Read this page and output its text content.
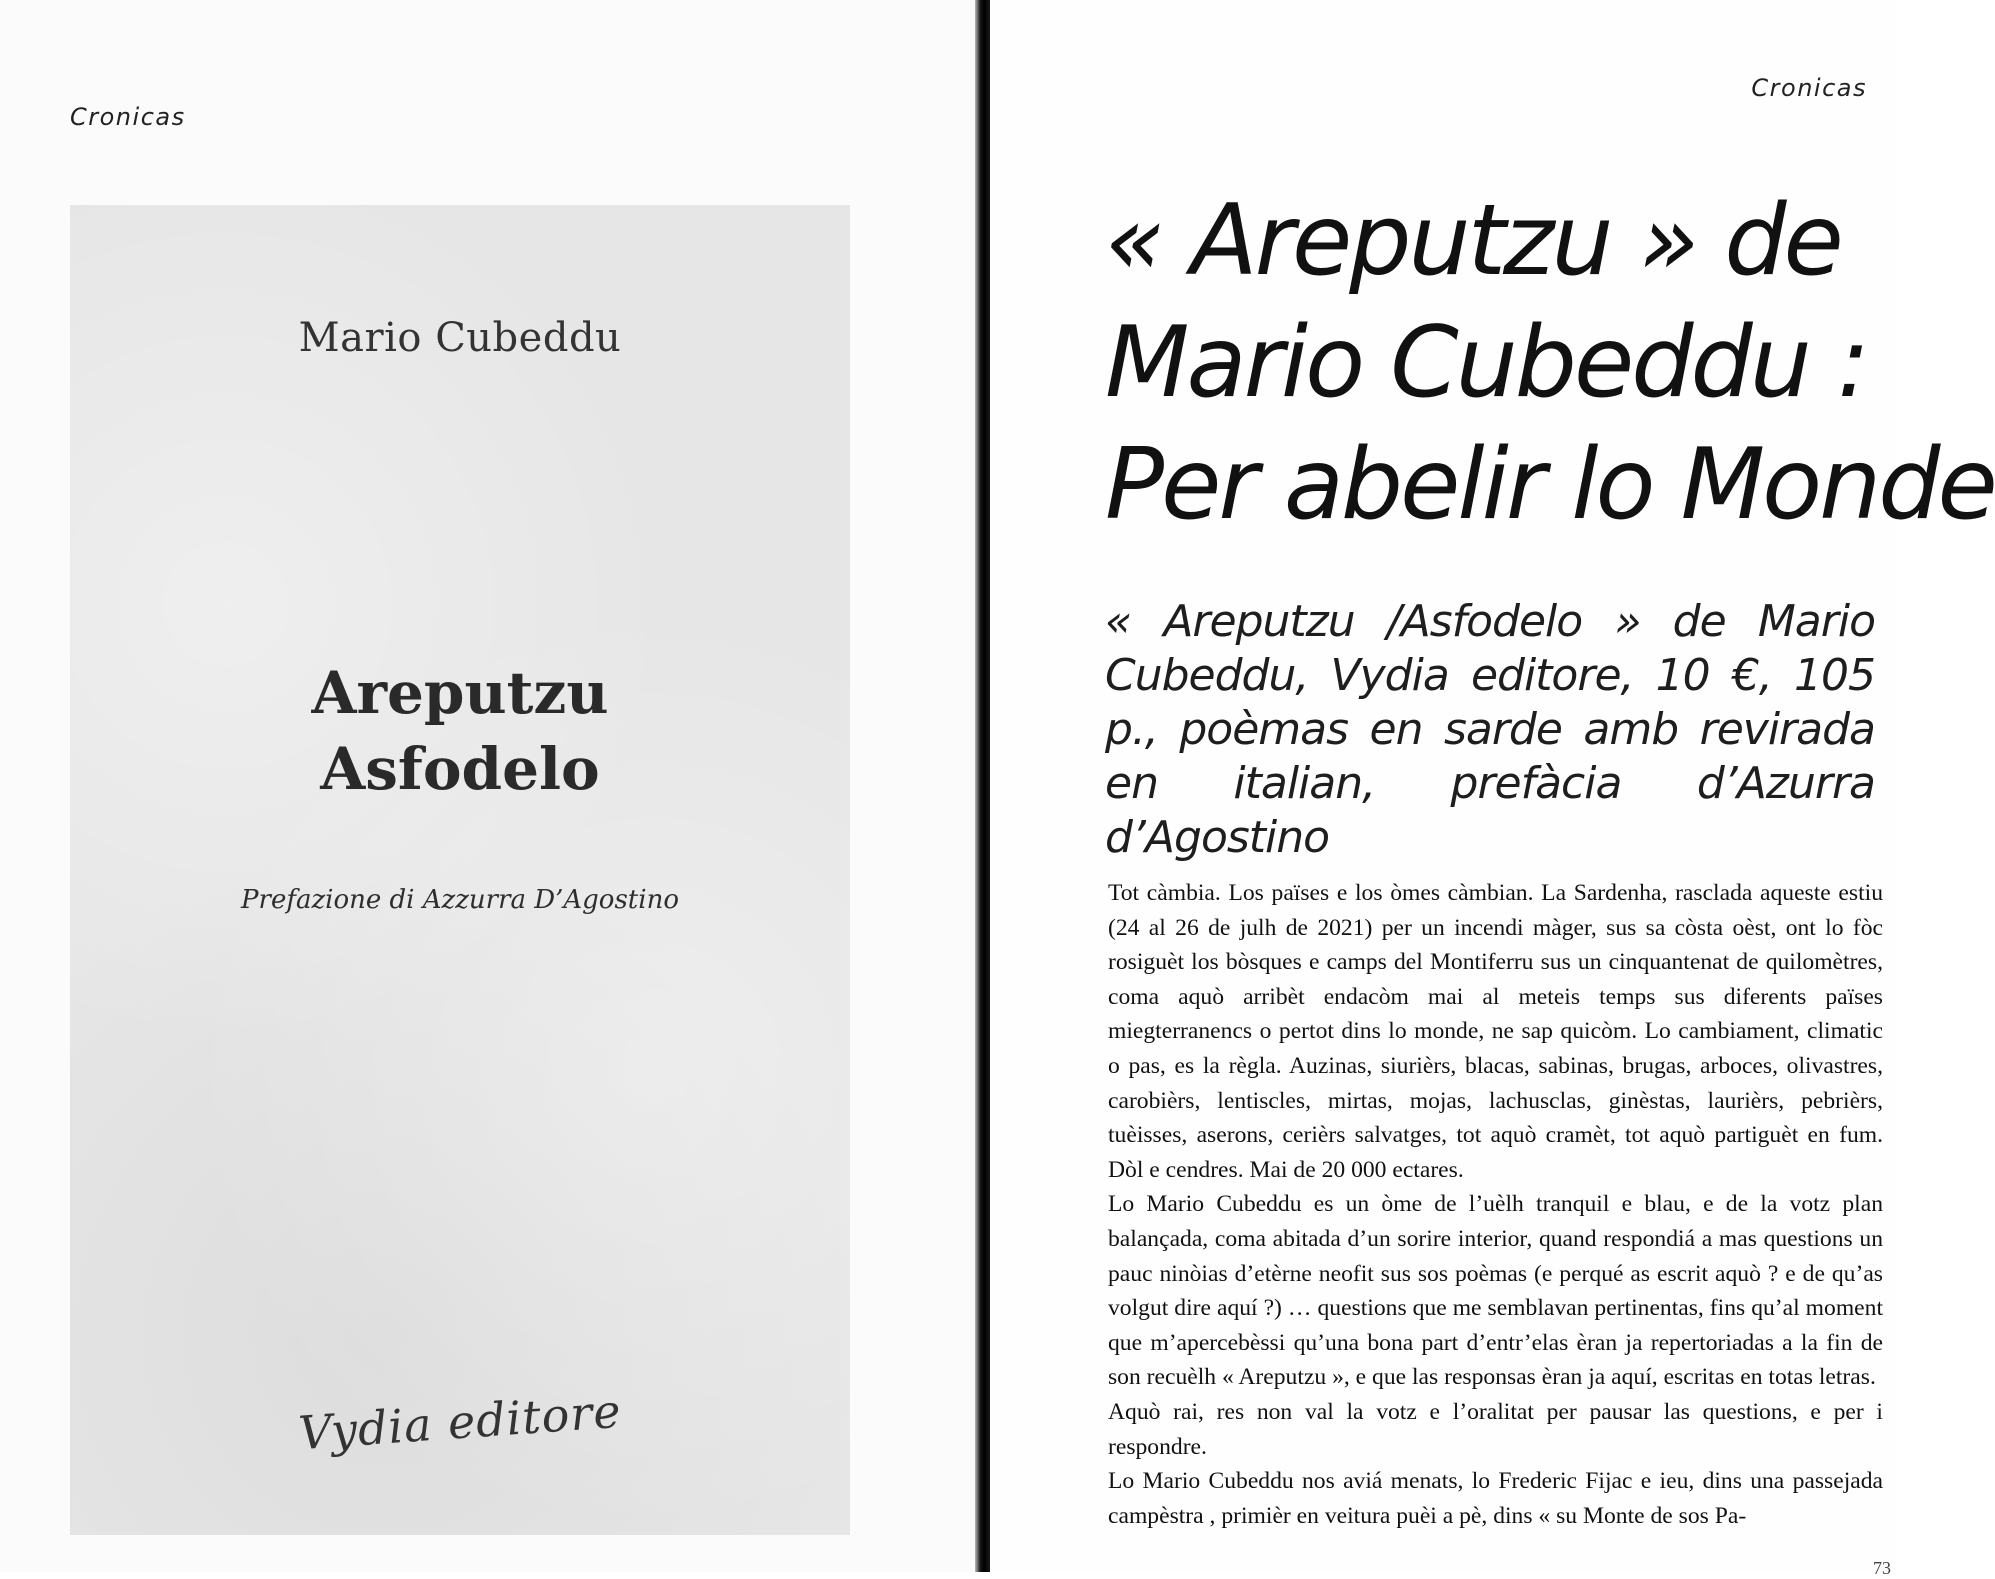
Cronicas
Mario Cubeddu
Areputzu
Asfodelo
Prefazione di Azzurra D’Agostino
Vydia editore
Cronicas
« Areputzu » de
Mario Cubeddu :
Per abelir lo Monde
« Areputzu /Asfodelo » de Mario Cubeddu, Vydia editore, 10 €, 105 p., poèmas en sarde amb revirada en italian, prefàcia d’Azurra d’Agostino

Tot càmbia. Los païses e los òmes càmbian. La Sardenha, rasclada aqueste estiu (24 al 26 de julh de 2021) per un incendi màger, sus sa còsta oèst, ont lo fòc rosiguèt los bòsques e camps del Montiferru sus un cinquantenat de quilomètres, coma aquò arribèt endacòm mai al meteis temps sus diferents païses miegterranencs o pertot dins lo monde, ne sap quicòm. Lo cambiament, climatic o pas, es la règla. Auzinas, siurièrs, blacas, sabinas, brugas, arboces, olivastres, carobièrs, lentiscles, mirtas, mojas, lachusclas, ginèstas, laurièrs, pebrièrs, tuèisses, aserons, cerièrs salvatges, tot aquò cramèt, tot aquò partiguèt en fum. Dòl e cendres. Mai de 20 000 ectares.

Lo Mario Cubeddu es un òme de l’uèlh tranquil e blau, e de la votz plan balançada, coma abitada d’un sorire interior, quand respondiá a mas questions un pauc ninòias d’etèrne neofit sus sos poèmas (e perqué as escrit aquò ? e de qu’as volgut dire aquí ?) … questions que me semblavan pertinentas, fins qu’al moment que m’apercebèssi qu’una bona part d’entr’elas èran ja repertoriadas a la fin de son recuèlh « Areputzu », e que las responsas èran ja aquí, escritas en totas letras.

Aquò rai, res non val la votz e l’oralitat per pausar las questions, e per i respondre.

Lo Mario Cubeddu nos aviá menats, lo Frederic Fijac e ieu, dins una passejada campèstra , primièr en veitura puèi a pè, dins « su Monte de sos Pa-

73
